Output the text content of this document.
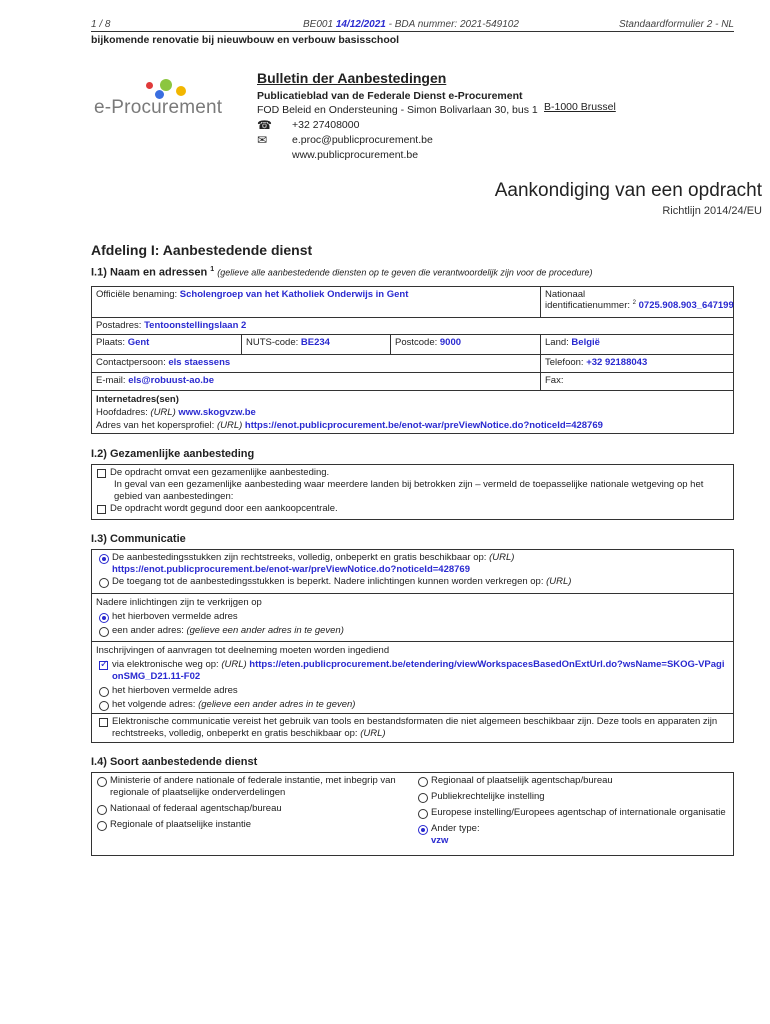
1 / 8	BE001 14/12/2021 - BDA nummer: 2021-549102	Standaardformulier 2 - NL
bijkomende renovatie bij nieuwbouw en verbouw basisschool
e-Procurement
Bulletin der Aanbestedingen
Publicatieblad van de Federale Dienst e-Procurement
FOD Beleid en Ondersteuning - Simon Bolivarlaan 30, bus 1 B-1000 Brussel
☎ +32 27408000
✉	e.proc@publicprocurement.be
www.publicprocurement.be
Aankondiging van een opdracht
Richtlijn 2014/24/EU
Afdeling I: Aanbestedende dienst
I.1) Naam en adressen $^1$ (gelieve alle aanbestedende diensten op te geven die verantwoordelijk zijn voor de procedure)
Officiële benaming: Scholengroep van het Katholiek Onderwijs in Gent	Nationaal
identificatienummer: $^2$ 0725.908.903_647199
Postadres: Tentoonstellingslaan 2
Plaats: Gent	NUTS-code: BE234	Postcode: 9000	Land: België
Contactpersoon: els staessens	Telefoon: +32 92188043
E-mail: els@robuust-ao.be	Fax:
Internetadres(sen)
Hoofdadres: (URL) www.skogvzw.be
Adres van het kopersprofiel: (URL) https://enot.publicprocurement.be/enot-war/preViewNotice.do?noticeId=428769
I.2) Gezamenlijke aanbesteding
De opdracht omvat een gezamenlijke aanbesteding.
In geval van een gezamenlijke aanbesteding waar meerdere landen bij betrokken zijn – vermeld de toepasselijke nationale wetgeving op het gebied van aanbestedingen:
De opdracht wordt gegund door een aankoopcentrale.
I.3) Communicatie
De aanbestedingsstukken zijn rechtstreeks, volledig, onbeperkt en gratis beschikbaar op: (URL)
https://enot.publicprocurement.be/enot-war/preViewNotice.do?noticeId=428769
De toegang tot de aanbestedingsstukken is beperkt. Nadere inlichtingen kunnen worden verkregen op: (URL)
Nadere inlichtingen zijn te verkrijgen op
het hierboven vermelde adres
een ander adres: (gelieve een ander adres in te geven)
Inschrijvingen of aanvragen tot deelneming moeten worden ingediend
✓
via elektronische weg op: (URL) https://eten.publicprocurement.be/etendering/viewWorkspacesBasedOnExtUrl.do?wsName=SKOG-VPagionSMG_D21.11-F02
het hierboven vermelde adres
het volgende adres: (gelieve een ander adres in te geven)
Elektronische communicatie vereist het gebruik van tools en bestandsformaten die niet algemeen beschikbaar zijn. Deze tools en apparaten zijn rechtstreeks, volledig, onbeperkt en gratis beschikbaar op: (URL)
I.4) Soort aanbestedende dienst
Ministerie of andere nationale of federale instantie, met inbegrip van regionale of plaatselijke onderverdelingen
Nationaal of federaal agentschap/bureau
Regionale of plaatselijke instantie
Regionaal of plaatselijk agentschap/bureau
Publiekrechtelijke instelling
Europese instelling/Europees agentschap of internationale organisatie
Ander type:
vzw
